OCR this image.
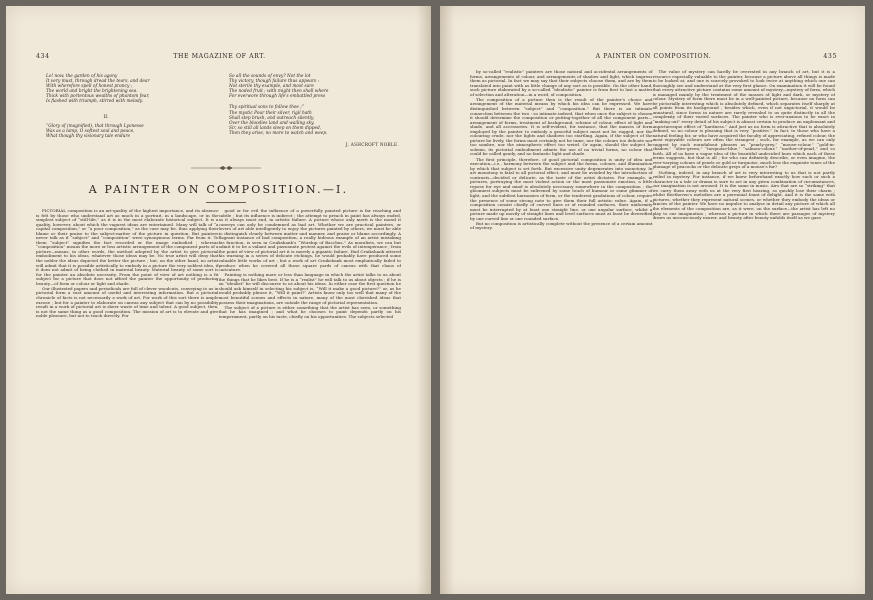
434	THE MAGAZINE OF ART.
Lo! now, the garden of his agony
It very must, through dread the tears, and dear
With wherefore spell of honest prancy ;
The world and bright the brightening sea.
Thick with portentous wealths of phantom fear,
Is flashed with triumph, stirred with melody.
II.
“Glory of (magnified), that through Lyonesse
Was as a lamp, O softest soul and peace,
What though thy visionary tale endure
So all the sounds of envy? Not the lot
Thy victory, though failure thus appears :
Not sterile thy example, and most sure
The noded fruit ; with might then shall where
For everwore through life's embattled press
Thy spiritual sons to follow thee ;”
The mystic Pour their silver, rigil hath
Shall step brush, and outreach silently,
Over the bloodies land and wailing sky,
Sir, so still all lands sleep on them dipped,
Then they arise, no more to watch and weep.
J. ASHCROFT NOBLE.
A PAINTER ON COMPOSITION.—I.

PICTORIAL composition is an art-quality of the highest importance, and its absence is felt by those who understand art as much in a portrait, in a landscape, or in the simplest subject of “still-life,” as it is in the most elaborate historical subject. It is a quality, however, about which the vaguest ideas are entertained. Many will talk of “a capital composition,” or “a poor composition,” as the case may be, thus applying their blame or their praise to the subject-matter of the picture in question. But painters never talk as if “subject” and “composition” were synonymous terms. Far from it. To them “subject” signifies the fact recorded or the image embodied ; whereas “composition” means the more or less artistic arrangement of the component parts of a picture—means, in other words, the method adopted by the artist to give pictorial embodiment to his ideas, whatever those ideas may be. No true artist will deny that the nobler the ideas depicted the better the picture ; but, on the other hand, no artist will admit that it is possible artistically to embody in a picture the very noblest idea, if it does not admit of being clothed in material beauty. Material beauty of some sort is for the painter an absolute necessity. From the point of view of art nothing is a fit subject for a picture that does not afford the painter the opportunity of producing beauty—of form or colour or light and shade.

Our illustrated papers and periodicals are full of clever woodcuts, conveying to us in pictorial form a vast amount of useful and interesting information. But a pictorial chronicle of facts is not necessarily a work of art. For work of this sort there is ample excuse ; but for a painter to elaborate on canvas any subject that can by no possibility result in a work of pictorial art is sheer waste of time and talent. A good subject, then, is not the same thing as a good composition. The mission of art is to elevate and give noble pleasure, but not to teach directly. For

good or for evil the influence of a powerfully painted picture is far reaching and subtle ; but its influence is indirect ; the attempt to preach in paint has always ended, as it always must end, in artistic failure. A picture whose only merit is the moral it conveys can only be condemned as bad art. Whether we are practical painters, or lovers of art able intelligently to enjoy the pictures painted by others, we must be able to distinguish clearly between matter and manner, and praise or blame accordingly. A flagrant instance of bad composition, a really hideous example of an artist mistaking his function, is seen in Cruikshank’s “Worship of Bacchus.” As moralists, we can but admit it to be a valiant and passionate protest against the evils of intemperance ; from the point of view of pictorial art it is merely a gigantic failure. Had Cruikshank uttered his warning in a series of delicate etchings, he would probably have produced some valuable little works of art ; but a work of art Cruikshank most emphatically failed to produce when he covered all those square yards of canvas with that chaos of caricature.

Painting is nothing more or less than language in which the artist talks to us about the things that he likes best. If he is a “realist” he will talk to us about objects ; if he is an “idealist” he will discourse to us about his ideas. In either case the first question he should ask himself in selecting his subject is, “Will it make a good picture?” or, as he would probably phrase it, “Will it paint?” Artists know only too well that many of the most beautiful scenes and effects in nature, many of the most cherished ideas that possess their imaginations, are outside the range of pictorial representation.

The subject of a picture is either something that the artist has seen, or something that he has imagined ; and what he chooses to paint depends partly on his temperament, partly on his taste, chiefly on his opportunities. The subjects selected

A PAINTER ON COMPOSITION.	435

by so-called “realistic” painters are those natural and accidental arrangements of forms, arrangements of colour, and arrangements of shadow and light, which impress them as pictorial. In fact we may say that their subjects choose them, and are by them translated into paint with as little change of any sort as is possible. On the other hand, such picture elaborated by a so-called “idealistic” painter is from first to last a matter of selection and alteration—in a word, of composition.

The composition of a picture then is the result of the painter’s choice and arrangement of the material means by which his idea can be expressed. We have distinguished between “subject” and “composition.” But there is an intimate connection between the two : so intimate indeed, that when once the subject is chosen it should determine the composition or putting-together of all the component parts—arrangement of forms, treatment of background, scheme of colour, effect of light and shade, and all accessories. It is self-evident, for instance, that the masses of form employed by the painter to embody a graceful subject must not be rugged, nor the colouring crude, nor the lights and shadows too startling. Again, if the subject of the picture be lively, the forms must certainly not be tame, nor the colours too delicate nor too sombre, nor the atmospheric effect too weird. Or again, should the subject be solemn, its pictorial embodiment admits the use of no trivial forms, no colour that could be called gaudy, and no fantastic light and shade.

The first principle, therefore, of good pictorial composition is unity of idea and execution—i.e., harmony between the subject and the forms, colours, and illumination by which that subject is set forth. But excessive unity degenerates into monotony. In art monotony is fatal to all pictorial effect, and must be avoided by the introduction of contrasts—decided or delicate, as the taste of the artist dictates. For example, in pictures, portraying the most violent action or the most passionate emotion, a little repose for eye and mind is absolutely necessary somewhere in the composition ; the gloomiest subjects must be enlivened by some touch of humour or some glimmer of light, and the subtlest harmonies of form, or the tenderest gradations of colour, require the presence of some strong note to give them their full artistic value. Again, if a composition consist chiefly of curved lines or of rounded surfaces, their uniformity must be interrupted by at least one straight line, or one angular surface, whilst a picture made up mostly of straight lines and level surfaces must at least be diversified by one curved line or one rounded surface.

But no composition is artistically complete without the presence of a certain amount of mystery.

The value of mystery can hardly be overrated in any branch of art, but it is a resource especially valuable to the painter, because a picture above all things is made to be looked at, and one is scarcely provoked to look twice at anything which one can thoroughly see and understand at the very first glance. On examination it will be found that every attractive picture contains some amount of mystery—mystery of form, which is managed mainly by the treatment of the masses of light and dark, or mystery of colour. Mystery of form there must be in a well-painted picture, because no form can be pictorially interesting which is absolutely defined, which separates itself sharply at all points from its background ; besides which, even if not unpictorial, it would be unnatural, since forms in nature are rarely revealed to us quite distinctly in all the complexity of their varied surfaces. The painter who is ever-anxious to be exact in “making out” every detail of his subject is almost certain to produce an unpleasant and unpicturesque effect of “hardness.” And just as no form is attractive that is absolutely defined, so no colour is pleasing that is very “positive.” In fact, to those who have a natural feeling for, or who have acquired the faculty of appreciating, refined colour, the most enjoyable colours are often the strangest ; such, for example, as we can only suggest by such roundabout phrases as “pearly-grey,” “mouse-colour,” “gold-in-shadow,” “olive-green,” “turquoise-blue,” “salmon-colour,” “mother-of-pearl,” and so forth. All of us have a vague idea of the beautiful undecided hues which each of these terms suggests, but that is all ; for who can definitely describe, or even imagine, the ever-varying colours of pearls or gold or turquoise, much less the exquisite tones of the plumage of peacocks or the delicate greys of a mouse’s fur?

Nothing, indeed, in any branch of art is very interesting to us that is not partly veiled in mystery. For instance, if we knew beforehand exactly how such or such a character in a tale or drama is sure to act in any given combination of circumstances, our imagination is not aroused. It is the same in music. Airs that are so “striking” that we carry them away with us at the very first hearing, so quickly lose their charm ; whilst Beethoven’s melodies are a perennial fount of delight. And it is the same with pictures, whether they represent natural scenes, or whether they embody the ideas or fancies of the painter. We have no impulse to analyse in detail any picture of which all the elements of the composition are, as it were, on the surface—the artist has left no play to our imagination ; whereas a picture in which there are passages of mystery draws us unconsciously nearer, and beauty after beauty unfolds itself as we gaze.
